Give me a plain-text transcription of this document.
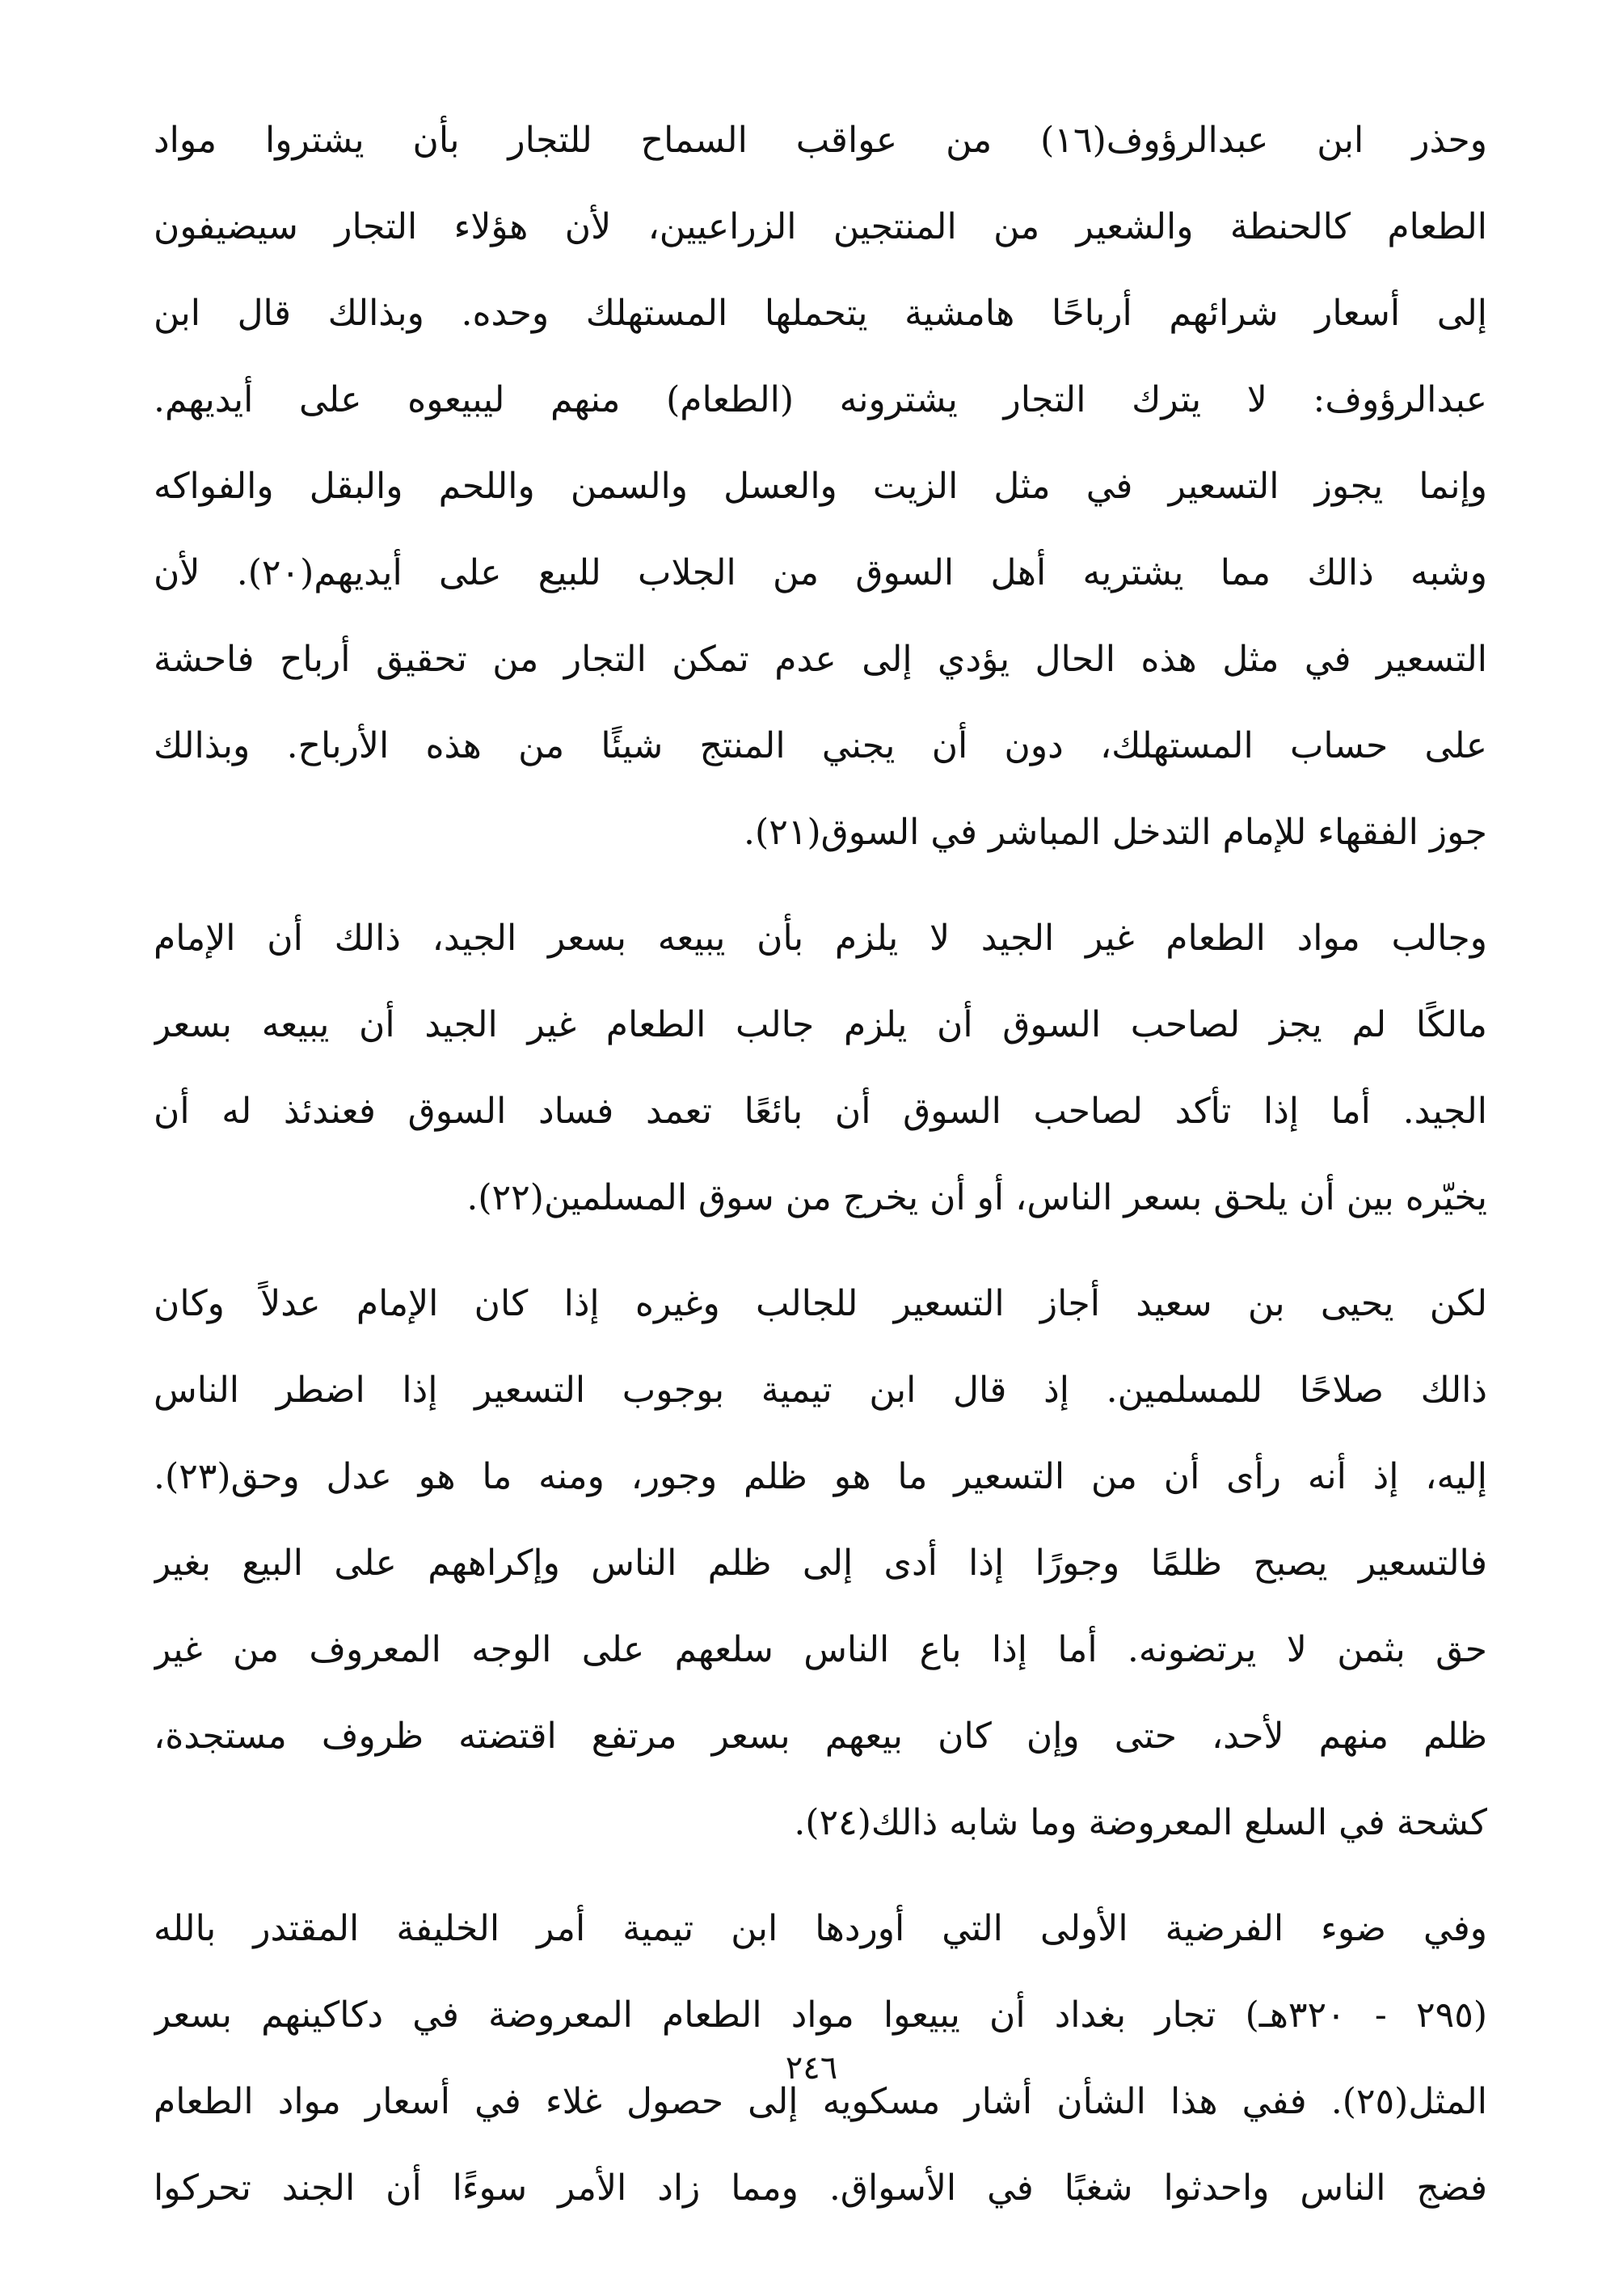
وحذر ابن عبدالرؤوف(١٦) من عواقب السماح للتجار بأن يشتروا مواد
الطعام كالحنطة والشعير من المنتجين الزراعيين، لأن هؤلاء التجار سيضيفون
إلى أسعار شرائهم أرباحًا هامشية يتحملها المستهلك وحده. وبذالك قال ابن
عبدالرؤوف: لا يترك التجار يشترونه (الطعام) منهم ليبيعوه على أيديهم.
وإنما يجوز التسعير في مثل الزيت والعسل والسمن واللحم والبقل والفواكه
وشبه ذالك مما يشتريه أهل السوق من الجلاب للبيع على أيديهم(٢٠). لأن
التسعير في مثل هذه الحال يؤدي إلى عدم تمكن التجار من تحقيق أرباح فاحشة
على حساب المستهلك، دون أن يجني المنتج شيئًا من هذه الأرباح. وبذالك
جوز الفقهاء للإمام التدخل المباشر في السوق(٢١).
وجالب مواد الطعام غير الجيد لا يلزم بأن يبيعه بسعر الجيد، ذالك أن الإمام
مالكًا لم يجز لصاحب السوق أن يلزم جالب الطعام غير الجيد أن يبيعه بسعر
الجيد. أما إذا تأكد لصاحب السوق أن بائعًا تعمد فساد السوق فعندئذ له أن
يخيّره بين أن يلحق بسعر الناس، أو أن يخرج من سوق المسلمين(٢٢).
لكن يحيى بن سعيد أجاز التسعير للجالب وغيره إذا كان الإمام عدلاً وكان
ذالك صلاحًا للمسلمين. إذ قال ابن تيمية بوجوب التسعير إذا اضطر الناس
إليه، إذ أنه رأى أن من التسعير ما هو ظلم وجور، ومنه ما هو عدل وحق(٢٣).
فالتسعير يصبح ظلمًا وجورًا إذا أدى إلى ظلم الناس وإكراههم على البيع بغير
حق بثمن لا يرتضونه. أما إذا باع الناس سلعهم على الوجه المعروف من غير
ظلم منهم لأحد، حتى وإن كان بيعهم بسعر مرتفع اقتضته ظروف مستجدة،
كشحة في السلع المعروضة وما شابه ذالك(٢٤).
وفي ضوء الفرضية الأولى التي أوردها ابن تيمية أمر الخليفة المقتدر بالله
(٢٩٥ - ٣٢٠هـ) تجار بغداد أن يبيعوا مواد الطعام المعروضة في دكاكينهم بسعر
المثل(٢٥). ففي هذا الشأن أشار مسكويه إلى حصول غلاء في أسعار مواد الطعام
فضج الناس واحدثوا شغبًا في الأسواق. ومما زاد الأمر سوءًا أن الجند تحركوا
٢٤٦
